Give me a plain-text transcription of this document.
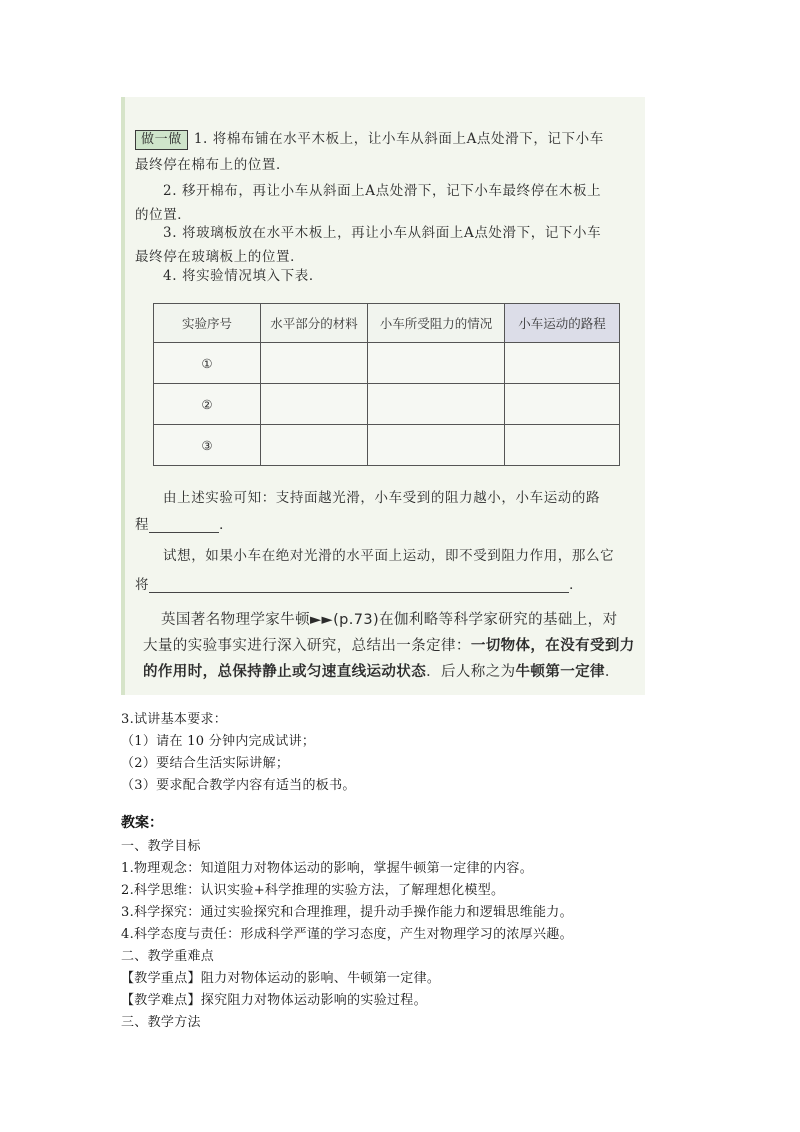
做一做 1. 将棉布铺在水平木板上，让小车从斜面上A点处滑下，记下小车
最终停在棉布上的位置．
2. 移开棉布，再让小车从斜面上A点处滑下，记下小车最终停在木板上
的位置．
3. 将玻璃板放在水平木板上，再让小车从斜面上A点处滑下，记下小车
最终停在玻璃板上的位置．
4. 将实验情况填入下表．
实验序号	水平部分的材料	小车所受阻力的情况	小车运动的路程
①			
②			
③			
由上述实验可知：支持面越光滑，小车受到的阻力越小，小车运动的路
程	．
试想，如果小车在绝对光滑的水平面上运动，即不受到阻力作用，那么它
将	．
英国著名物理学家牛顿►►(p.73)在伽利略等科学家研究的基础上，对
大量的实验事实进行深入研究，总结出一条定律：一切物体，在没有受到力
的作用时，总保持静止或匀速直线运动状态．后人称之为牛顿第一定律．
3.试讲基本要求：
（1）请在 10 分钟内完成试讲；
（2）要结合生活实际讲解；
（3）要求配合教学内容有适当的板书。
教案：
一、教学目标
1.物理观念：知道阻力对物体运动的影响，掌握牛顿第一定律的内容。
2.科学思维：认识实验+科学推理的实验方法，了解理想化模型。
3.科学探究：通过实验探究和合理推理，提升动手操作能力和逻辑思维能力。
4.科学态度与责任：形成科学严谨的学习态度，产生对物理学习的浓厚兴趣。
二、教学重难点
【教学重点】阻力对物体运动的影响、牛顿第一定律。
【教学难点】探究阻力对物体运动影响的实验过程。
三、教学方法
